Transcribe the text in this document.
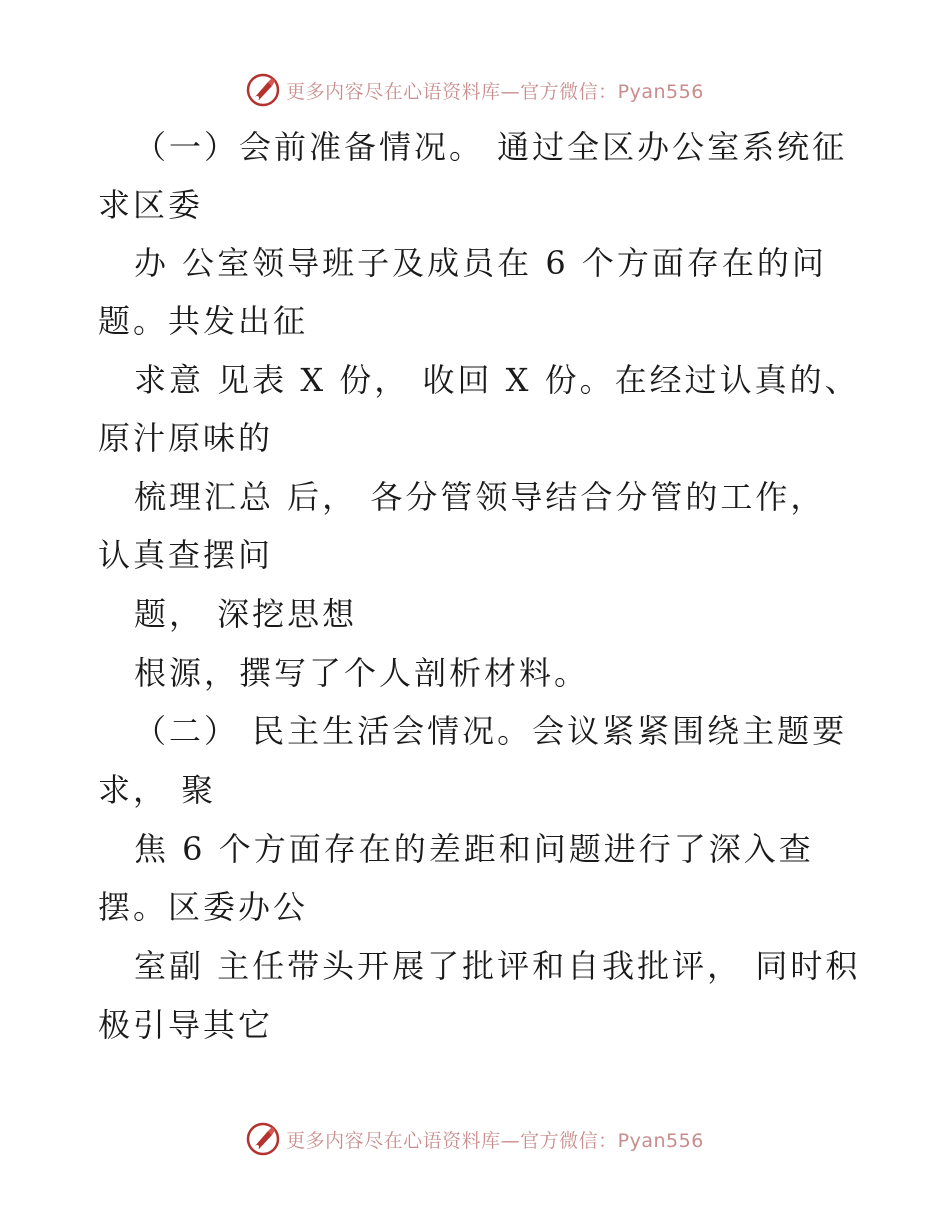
更多内容尽在心语资料库—官方微信：Pyan556
（一）会前准备情况。 通过全区办公室系统征
求区委
办 公室领导班子及成员在 6 个方面存在的问
题。共发出征
求意 见表 X 份， 收回 X 份。在经过认真的、
原汁原味的
梳理汇总 后， 各分管领导结合分管的工作，
认真查摆问
题， 深挖思想
根源，撰写了个人剖析材料。
（二） 民主生活会情况。会议紧紧围绕主题要
求， 聚
焦 6 个方面存在的差距和问题进行了深入查
摆。区委办公
室副 主任带头开展了批评和自我批评， 同时积
极引导其它
更多内容尽在心语资料库—官方微信：Pyan556
